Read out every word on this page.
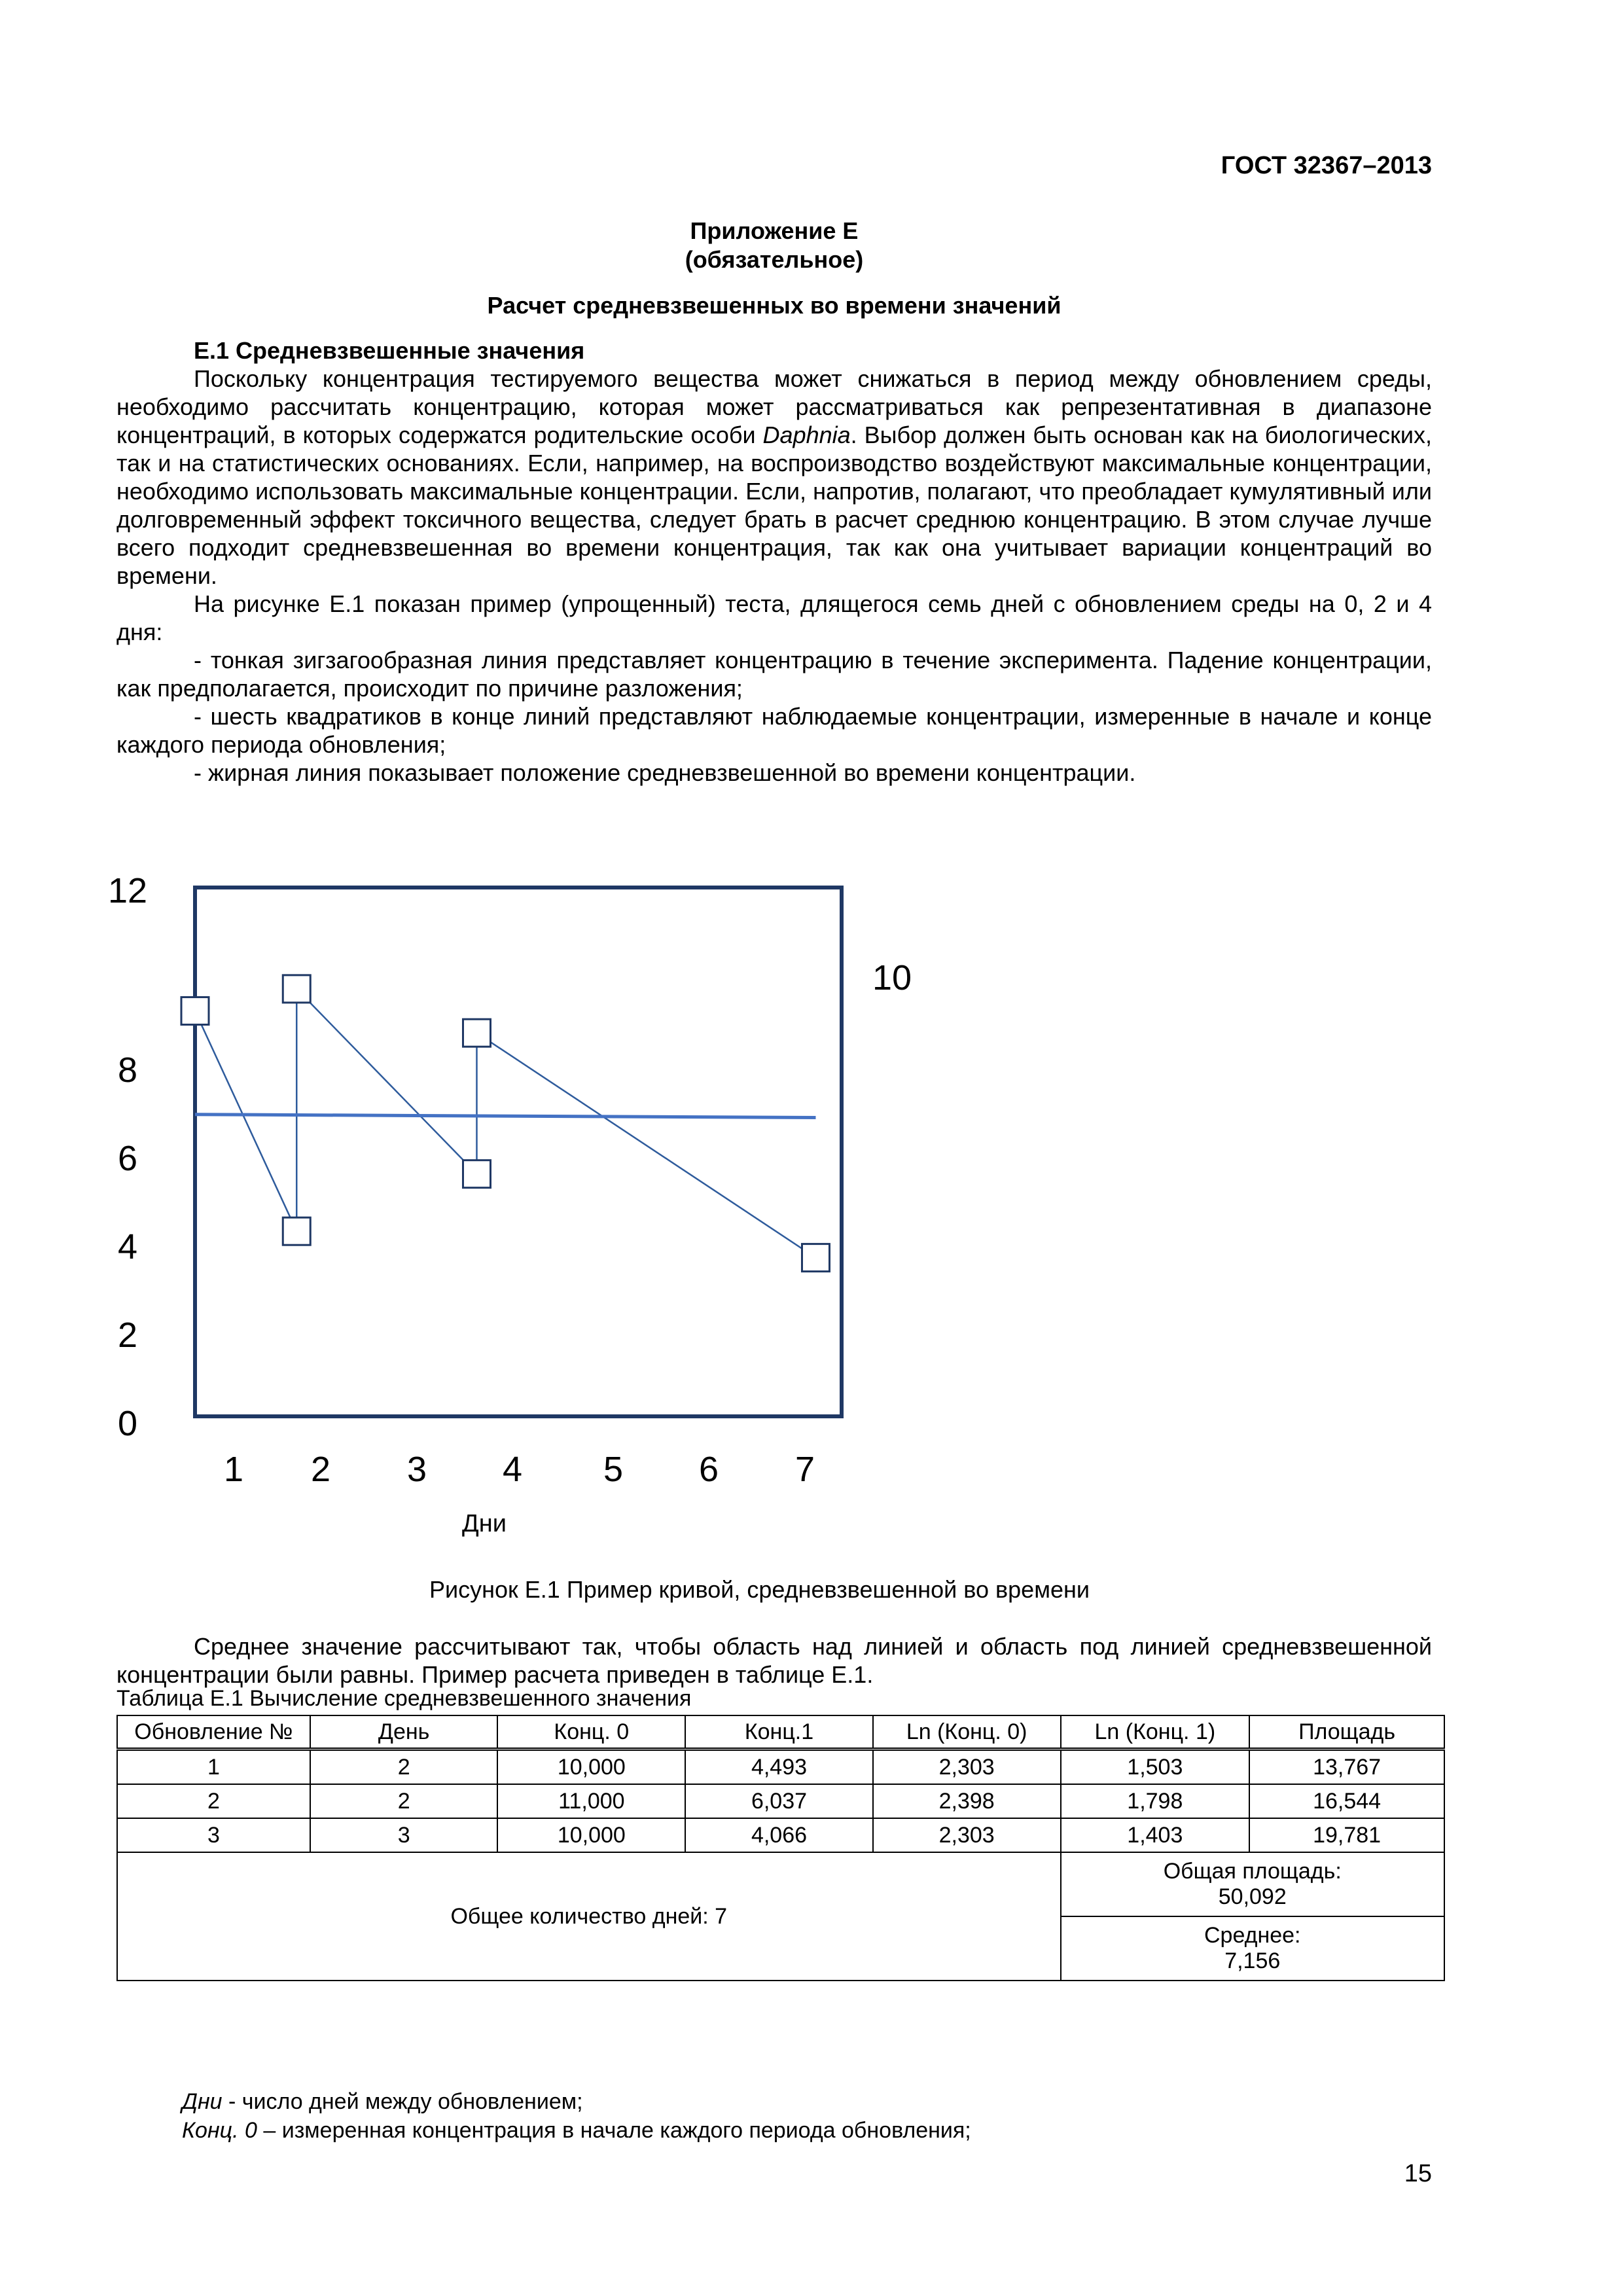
ГОСТ 32367–2013
Приложение Е
(обязательное)
Расчет средневзвешенных во времени значений

Е.1 Средневзвешенные значения

Поскольку концентрация тестируемого вещества может снижаться в период между обновлением среды, необходимо рассчитать концентрацию, которая может рассматриваться как репрезентативная в диапазоне концентраций, в которых содержатся родительские особи Daphnia. Выбор должен быть основан как на биологических, так и на статистических основаниях. Если, например, на воспроизводство воздействуют максимальные концентрации, необходимо использовать максимальные концентрации. Если, напротив, полагают, что преобладает кумулятивный или долговременный эффект токсичного вещества, следует брать в расчет среднюю концентрацию. В этом случае лучше всего подходит средневзвешенная во времени концентрация, так как она учитывает вариации концентраций во времени.

На рисунке Е.1 показан пример (упрощенный) теста, длящегося семь дней с обновлением среды на 0, 2 и 4 дня:

- тонкая зигзагообразная линия представляет концентрацию в течение эксперимента. Падение концентрации, как предполагается, происходит по причине разложения;

- шесть квадратиков в конце линий представляют наблюдаемые концентрации, измеренные в начале и конце каждого периода обновления;

- жирная линия показывает положение средневзвешенной во времени концентрации.

0
2
4
6
8
12
10
1 2 3 4 5 6 7
Дни
Рисунок Е.1 Пример кривой, средневзвешенной во времени
Среднее значение рассчитывают так, чтобы область над линией и область под линией средневзвешенной концентрации были равны. Пример расчета приведен в таблице Е.1.
Таблица Е.1 Вычисление средневзвешенного значения
Обновление №	День	Конц. 0	Конц.1	Ln (Конц. 0)	Ln (Конц. 1)	Площадь
1	2	10,000	4,493	2,303	1,503	13,767
2	2	11,000	6,037	2,398	1,798	16,544
3	3	10,000	4,066	2,303	1,403	19,781
Общее количество дней: 7					Общая площадь:
50,092	

					Среднее:
7,156	
Дни - число дней между обновлением;
Конц. 0 – измеренная концентрация в начале каждого периода обновления;
15
